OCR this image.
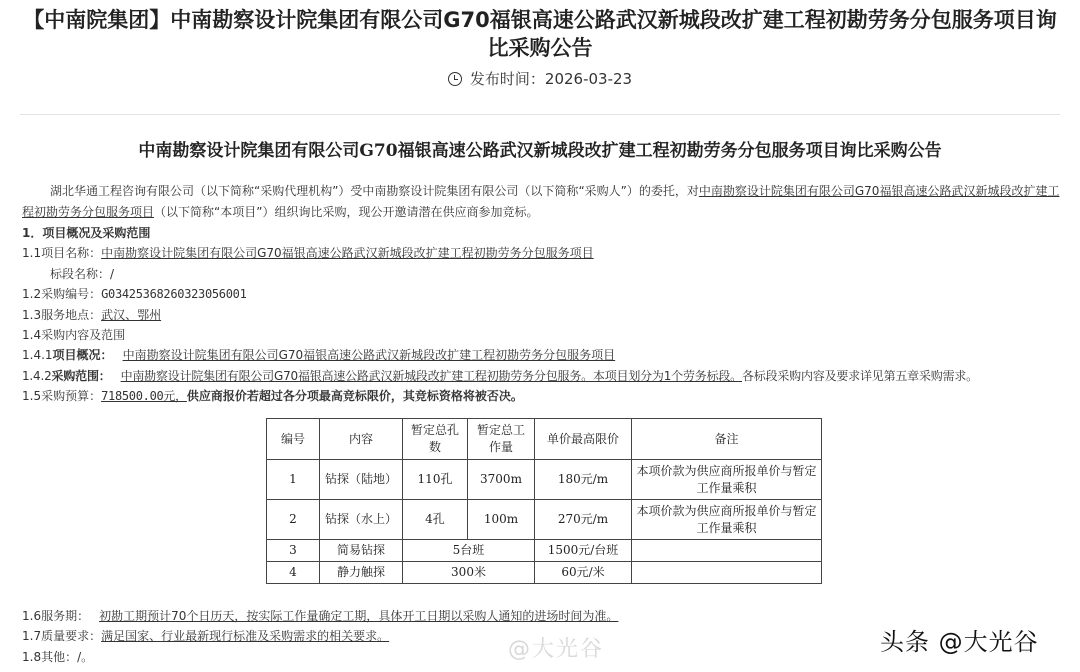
【中南院集团】中南勘察设计院集团有限公司G70福银高速公路武汉新城段改扩建工程初勘劳务分包服务项目询比采购公告
发布时间：2026-03-23
中南勘察设计院集团有限公司G70福银高速公路武汉新城段改扩建工程初勘劳务分包服务项目询比采购公告

湖北华通工程咨询有限公司（以下简称“采购代理机构”）受中南勘察设计院集团有限公司（以下简称“采购人”）的委托，对中南勘察设计院集团有限公司G70福银高速公路武汉新城段改扩建工程初勘劳务分包服务项目（以下简称“本项目”）组织询比采购，现公开邀请潜在供应商参加竞标。

1．项目概况及采购范围
1.1项目名称：中南勘察设计院集团有限公司G70福银高速公路武汉新城段改扩建工程初勘劳务分包服务项目
标段名称：/
1.2采购编号：G03425368260323056001
1.3服务地点：武汉、鄂州
1.4采购内容及范围
1.4.1项目概况： 中南勘察设计院集团有限公司G70福银高速公路武汉新城段改扩建工程初勘劳务分包服务项目
1.4.2采购范围： 中南勘察设计院集团有限公司G70福银高速公路武汉新城段改扩建工程初勘劳务分包服务。本项目划分为1个劳务标段。各标段采购内容及要求详见第五章采购需求。
1.5采购预算：718500.00元，供应商报价若超过各分项最高竞标限价，其竞标资格将被否决。
编号	内容	暂定总孔数	暂定总工作量	单价最高限价	备注
1	钻探（陆地）	110孔	3700m	180元/m	本项价款为供应商所报单价与暂定工作量乘积
2	钻探（水上）	4孔	100m	270元/m	本项价款为供应商所报单价与暂定工作量乘积
3	简易钻探	5台班		1500元/台班	
4	静力触探	300米		60元/米	
1.6服务期： 初勘工期预计70个日历天，按实际工作量确定工期，具体开工日期以采购人通知的进场时间为准。
1.7质量要求：满足国家、行业最新现行标准及采购需求的相关要求。
1.8其他：/。	@大光谷	头条 @大光谷
